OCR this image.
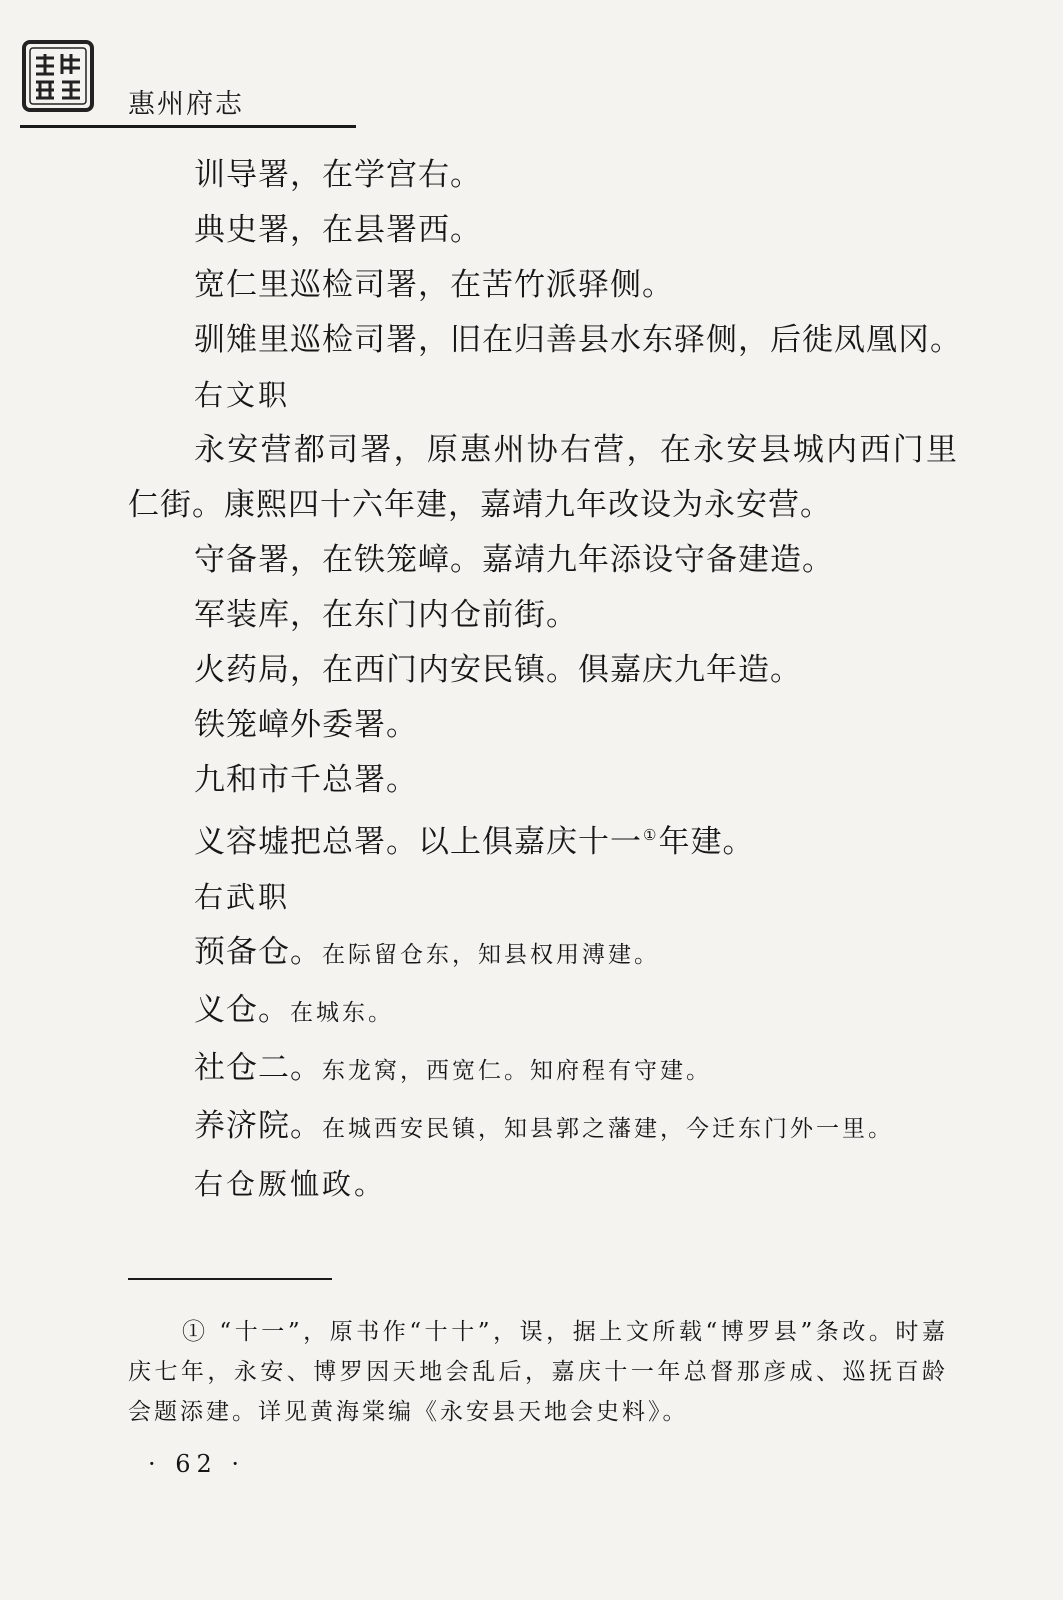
惠州府志

训导署，在学宫右。

典史署，在县署西。

宽仁里巡检司署，在苦竹派驿侧。

驯雉里巡检司署，旧在归善县水东驿侧，后徙凤凰冈。

右文职

永安营都司署，原惠州协右营，在永安县城内西门里仁街。康熙四十六年建，嘉靖九年改设为永安营。

守备署，在铁笼嶂。嘉靖九年添设守备建造。

军装库，在东门内仓前街。

火药局，在西门内安民镇。俱嘉庆九年造。

铁笼嶂外委署。

九和市千总署。

义容墟把总署。以上俱嘉庆十一①年建。

右武职

预备仓。在际留仓东，知县权用溥建。

义仓。在城东。

社仓二。东龙窝，西宽仁。知府程有守建。

养济院。在城西安民镇，知县郭之藩建，今迁东门外一里。

右仓厫恤政。

① “十一”，原书作“十十”，误，据上文所载“博罗县”条改。时嘉庆七年，永安、博罗因天地会乱后，嘉庆十一年总督那彦成、巡抚百龄会题添建。详见黄海棠编《永安县天地会史料》。

· 62 ·
